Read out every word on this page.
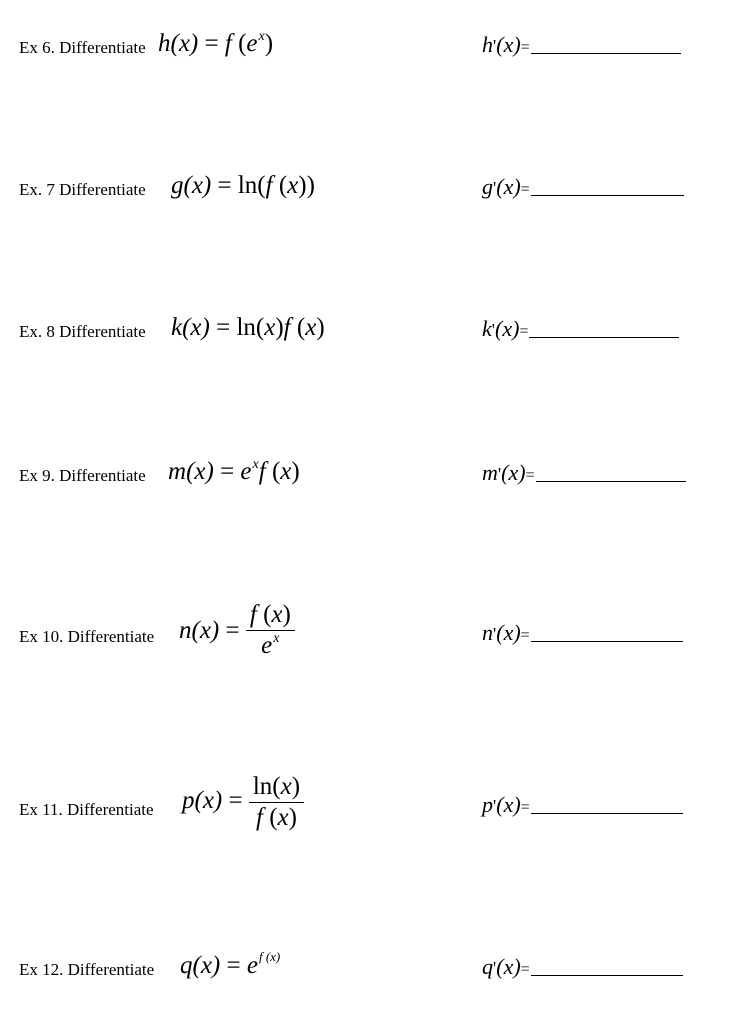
Ex 6. Differentiate h(x) = f $(e^x)$	h'(x)=
Ex. 7 Differentiate g(x) = ln(f (x))	g'(x)=
Ex. 8 Differentiate k(x) = ln(x)f (x)	k'(x)=
Ex 9. Differentiate $m(x) = e^xf$ (x)	m'(x)=
Ex 10. Differentiate $n(x) = \frac{f (x)}{e^x}$	n'(x)=
Ex 11. Differentiate $p(x) = \frac{\ln(x)}{f (x)}$	p'(x)=
Ex 12. Differentiate $q(x) = e^{f (x)}$	q'(x)=
